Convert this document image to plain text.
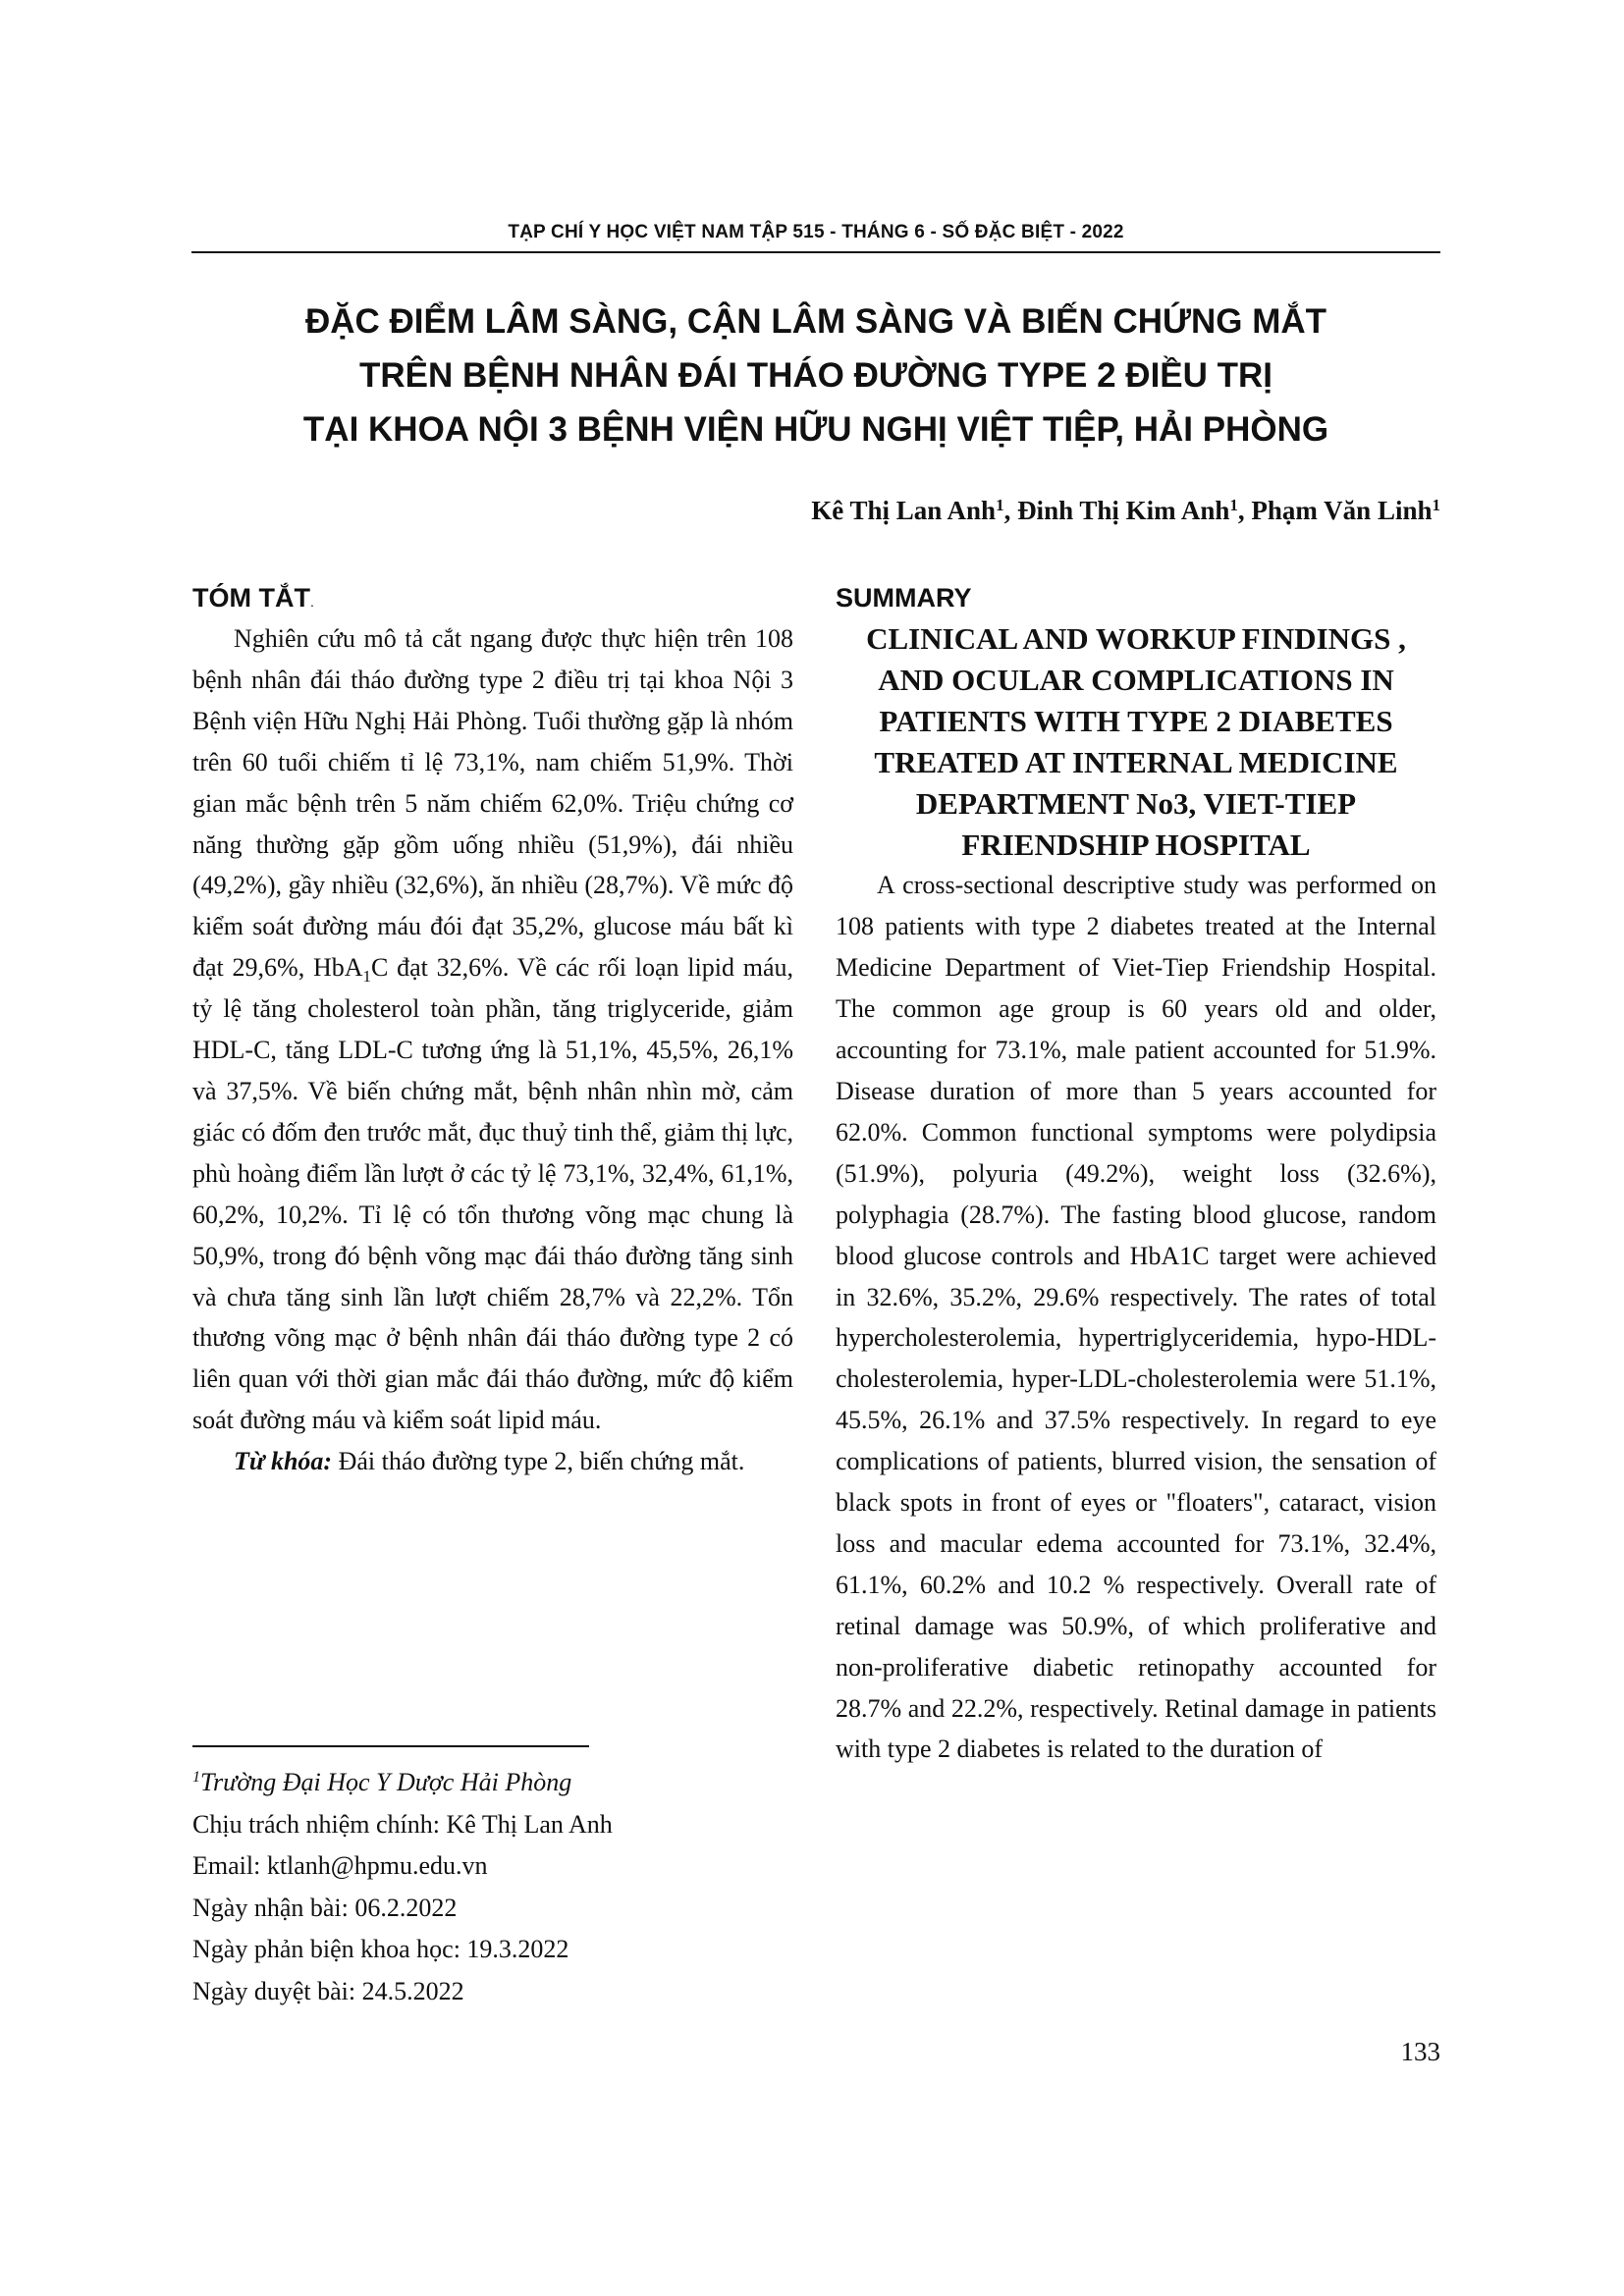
TẠP CHÍ Y HỌC VIỆT NAM TẬP 515 - THÁNG 6 - SỐ ĐẶC BIỆT - 2022
ĐẶC ĐIỂM LÂM SÀNG, CẬN LÂM SÀNG VÀ BIẾN CHỨNG MẮT
TRÊN BỆNH NHÂN ĐÁI THÁO ĐƯỜNG TYPE 2 ĐIỀU TRỊ
TẠI KHOA NỘI 3 BỆNH VIỆN HỮU NGHỊ VIỆT TIỆP, HẢI PHÒNG
Kê Thị Lan Anh$^1$, Đinh Thị Kim Anh$^1$, Phạm Văn Linh$^1$
TÓM TẮT.

Nghiên cứu mô tả cắt ngang được thực hiện trên 108 bệnh nhân đái tháo đường type 2 điều trị tại khoa Nội 3 Bệnh viện Hữu Nghị Hải Phòng. Tuổi thường gặp là nhóm trên 60 tuổi chiếm tỉ lệ 73,1%, nam chiếm 51,9%. Thời gian mắc bệnh trên 5 năm chiếm 62,0%. Triệu chứng cơ năng thường gặp gồm uống nhiều (51,9%), đái nhiều (49,2%), gầy nhiều (32,6%), ăn nhiều (28,7%). Về mức độ kiểm soát đường máu đói đạt 35,2%, glucose máu bất kì đạt 29,6%, HbA$_1$C đạt 32,6%. Về các rối loạn lipid máu, tỷ lệ tăng cholesterol toàn phần, tăng triglyceride, giảm HDL-C, tăng LDL-C tương ứng là 51,1%, 45,5%, 26,1% và 37,5%. Về biến chứng mắt, bệnh nhân nhìn mờ, cảm giác có đốm đen trước mắt, đục thuỷ tinh thể, giảm thị lực, phù hoàng điểm lần lượt ở các tỷ lệ 73,1%, 32,4%, 61,1%, 60,2%, 10,2%. Tỉ lệ có tổn thương võng mạc chung là 50,9%, trong đó bệnh võng mạc đái tháo đường tăng sinh và chưa tăng sinh lần lượt chiếm 28,7% và 22,2%. Tổn thương võng mạc ở bệnh nhân đái tháo đường type 2 có liên quan với thời gian mắc đái tháo đường, mức độ kiểm soát đường máu và kiểm soát lipid máu.

Từ khóa: Đái tháo đường type 2, biến chứng mắt.

$^1$Trường Đại Học Y Dược Hải Phòng
Chịu trách nhiệm chính: Kê Thị Lan Anh
Email: ktlanh@hpmu.edu.vn
Ngày nhận bài: 06.2.2022
Ngày phản biện khoa học: 19.3.2022
Ngày duyệt bài: 24.5.2022
SUMMARY
CLINICAL AND WORKUP FINDINGS ,
AND OCULAR COMPLICATIONS IN
PATIENTS WITH TYPE 2 DIABETES
TREATED AT INTERNAL MEDICINE
DEPARTMENT No3, VIET-TIEP
FRIENDSHIP HOSPITAL

A cross-sectional descriptive study was performed on 108 patients with type 2 diabetes treated at the Internal Medicine Department of Viet-Tiep Friendship Hospital. The common age group is 60 years old and older, accounting for 73.1%, male patient accounted for 51.9%. Disease duration of more than 5 years accounted for 62.0%. Common functional symptoms were polydipsia (51.9%), polyuria (49.2%), weight loss (32.6%), polyphagia (28.7%). The fasting blood glucose, random blood glucose controls and HbA1C target were achieved in 32.6%, 35.2%, 29.6% respectively. The rates of total hypercholesterolemia, hypertriglyceridemia, hypo-HDL-cholesterolemia, hyper-LDL-cholesterolemia were 51.1%, 45.5%, 26.1% and 37.5% respectively. In regard to eye complications of patients, blurred vision, the sensation of black spots in front of eyes or "floaters", cataract, vision loss and macular edema accounted for 73.1%, 32.4%, 61.1%, 60.2% and 10.2 % respectively. Overall rate of retinal damage was 50.9%, of which proliferative and non-proliferative diabetic retinopathy accounted for 28.7% and 22.2%, respectively. Retinal damage in patients with type 2 diabetes is related to the duration of

133
